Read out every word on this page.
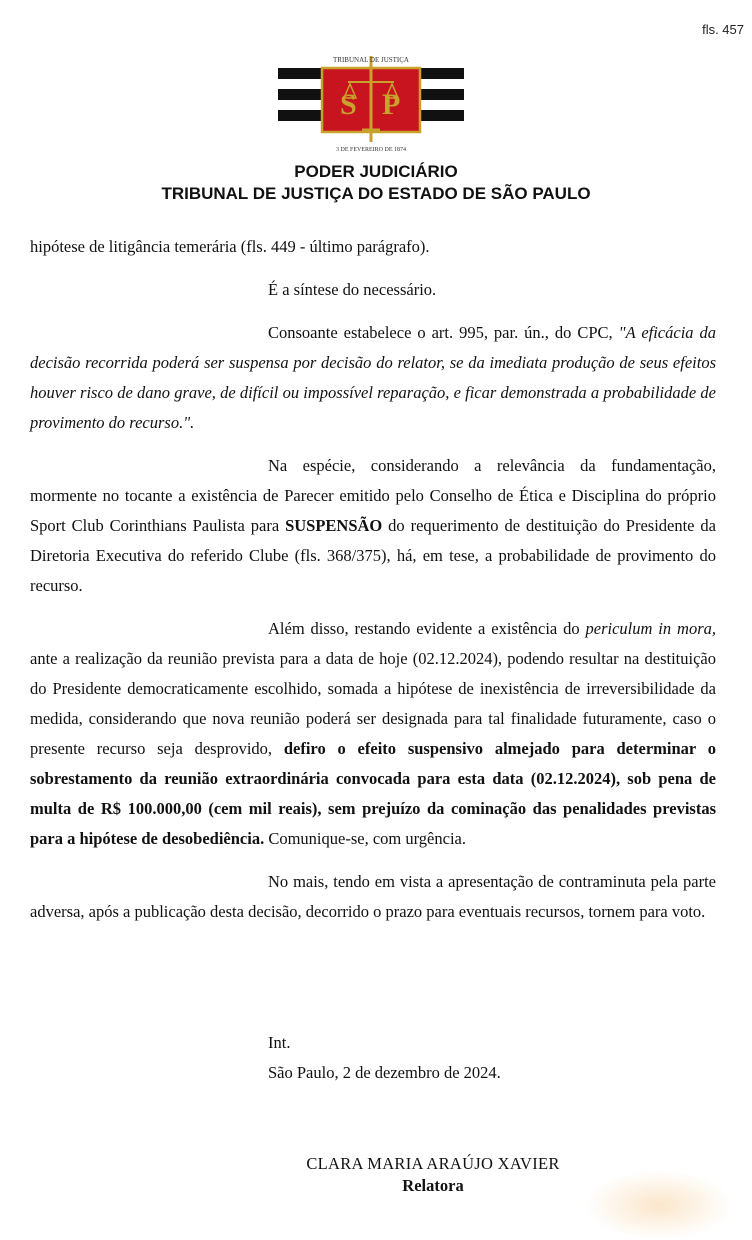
fls. 457
S P
TRIBUNAL DE JUSTIÇA
3 DE FEVEREIRO DE 1874
PODER JUDICIÁRIO
TRIBUNAL DE JUSTIÇA DO ESTADO DE SÃO PAULO

hipótese de litigância temerária (fls. 449 - último parágrafo).

É a síntese do necessário.

Consoante estabelece o art. 995, par. ún., do CPC, "A eficácia da decisão recorrida poderá ser suspensa por decisão do relator, se da imediata produção de seus efeitos houver risco de dano grave, de difícil ou impossível reparação, e ficar demonstrada a probabilidade de provimento do recurso.".

Na espécie, considerando a relevância da fundamentação, mormente no tocante a existência de Parecer emitido pelo Conselho de Ética e Disciplina do próprio Sport Club Corinthians Paulista para SUSPENSÃO do requerimento de destituição do Presidente da Diretoria Executiva do referido Clube (fls. 368/375), há, em tese, a probabilidade de provimento do recurso.

Além disso, restando evidente a existência do periculum in mora, ante a realização da reunião prevista para a data de hoje (02.12.2024), podendo resultar na destituição do Presidente democraticamente escolhido, somada a hipótese de inexistência de irreversibilidade da medida, considerando que nova reunião poderá ser designada para tal finalidade futuramente, caso o presente recurso seja desprovido, defiro o efeito suspensivo almejado para determinar o sobrestamento da reunião extraordinária convocada para esta data (02.12.2024), sob pena de multa de R$ 100.000,00 (cem mil reais), sem prejuízo da cominação das penalidades previstas para a hipótese de desobediência. Comunique-se, com urgência.

No mais, tendo em vista a apresentação de contraminuta pela parte adversa, após a publicação desta decisão, decorrido o prazo para eventuais recursos, tornem para voto.

Int.
São Paulo, 2 de dezembro de 2024.
CLARA MARIA ARAÚJO XAVIER
Relatora
